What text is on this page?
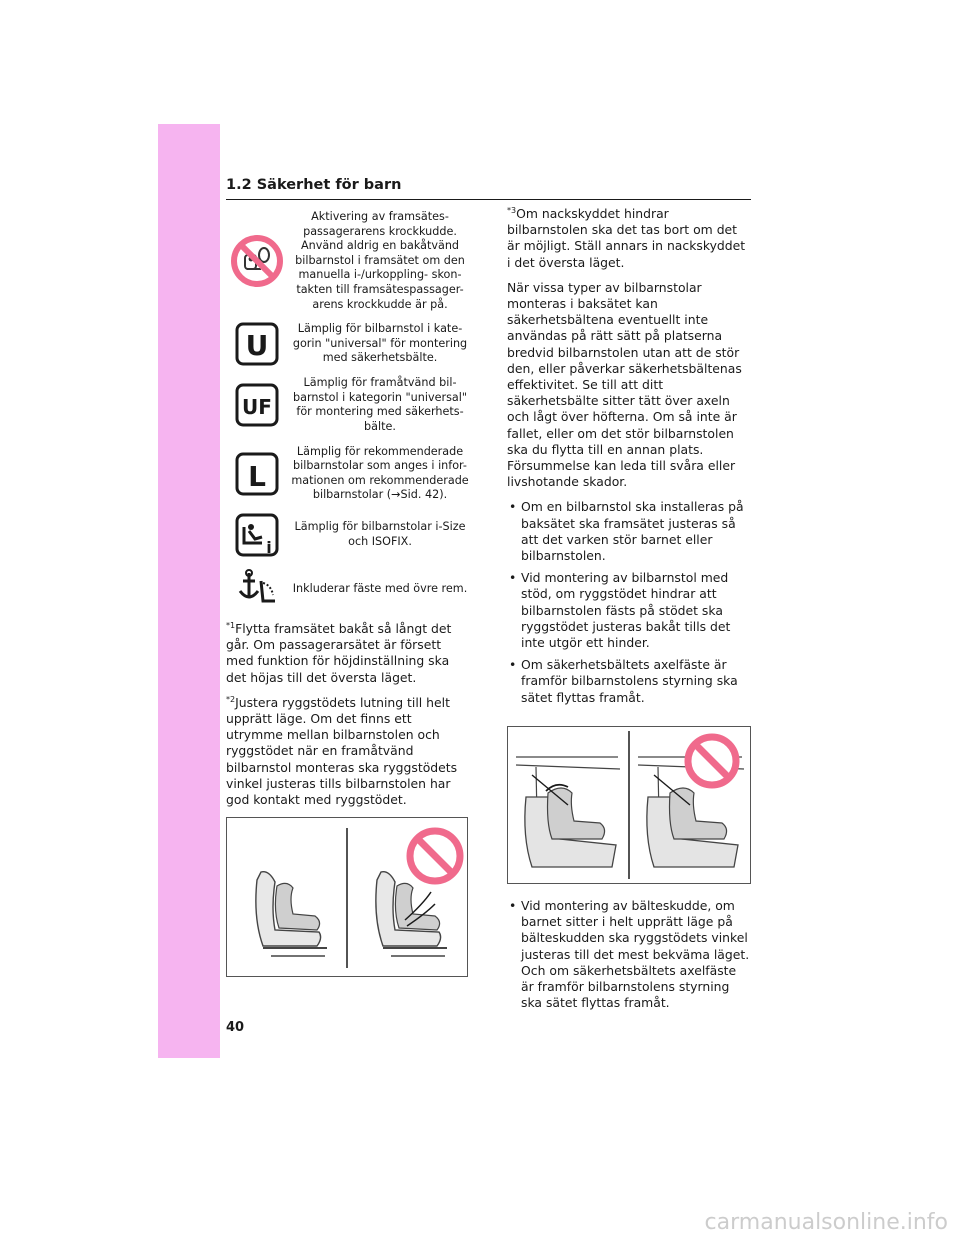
1.2 Säkerhet för barn
Aktivering av framsätes-passagerarens krockkudde. Använd aldrig en bakåtvänd bilbarnstol i framsätet om den manuella i-/urkoppling- skon-takten till framsätespassager-arens krockkudde är på.
U
Lämplig för bilbarnstol i kate-gorin "universal" för montering med säkerhetsbälte.
UF
Lämplig för framåtvänd bil-barnstol i kategorin "universal" för montering med säkerhets-bälte.
L
Lämplig för rekommenderade bilbarnstolar som anges i infor-mationen om rekommenderade bilbarnstolar (→Sid. 42).
i
Lämplig för bilbarnstolar i-Size och ISOFIX.
Inkluderar fäste med övre rem.

$^{*1}$Flytta framsätet bakåt så långt det går. Om passagerarsätet är försett med funktion för höjdinställning ska det höjas till det översta läget.

$^{*2}$Justera ryggstödets lutning till helt upprätt läge. Om det finns ett utrymme mellan bilbarnstolen och ryggstödet när en framåtvänd bilbarnstol monteras ska ryggstödets vinkel justeras tills bilbarnstolen har god kontakt med ryggstödet.

$^{*3}$Om nackskyddet hindrar bilbarnstolen ska det tas bort om det är möjligt. Ställ annars in nackskyddet i det översta läget.

När vissa typer av bilbarnstolar monteras i baksätet kan säkerhetsbältena eventuellt inte användas på rätt sätt på platserna bredvid bilbarnstolen utan att de stör den, eller påverkar säkerhetsbältenas effektivitet. Se till att ditt säkerhetsbälte sitter tätt över axeln och lågt över höfterna. Om så inte är fallet, eller om det stör bilbarnstolen ska du flytta till en annan plats. Försummelse kan leda till svåra eller livshotande skador.

• Om en bilbarnstol ska installeras på baksätet ska framsätet justeras så att det varken stör barnet eller bilbarnstolen.
• Vid montering av bilbarnstol med stöd, om ryggstödet hindrar att bilbarnstolen fästs på stödet ska ryggstödet justeras bakåt tills det inte utgör ett hinder.
• Om säkerhetsbältets axelfäste är framför bilbarnstolens styrning ska sätet flyttas framåt.
• Vid montering av bälteskudde, om barnet sitter i helt upprätt läge på bälteskudden ska ryggstödets vinkel justeras till det mest bekväma läget. Och om säkerhetsbältets axelfäste är framför bilbarnstolens styrning ska sätet flyttas framåt.
40
carmanualsonline.info
